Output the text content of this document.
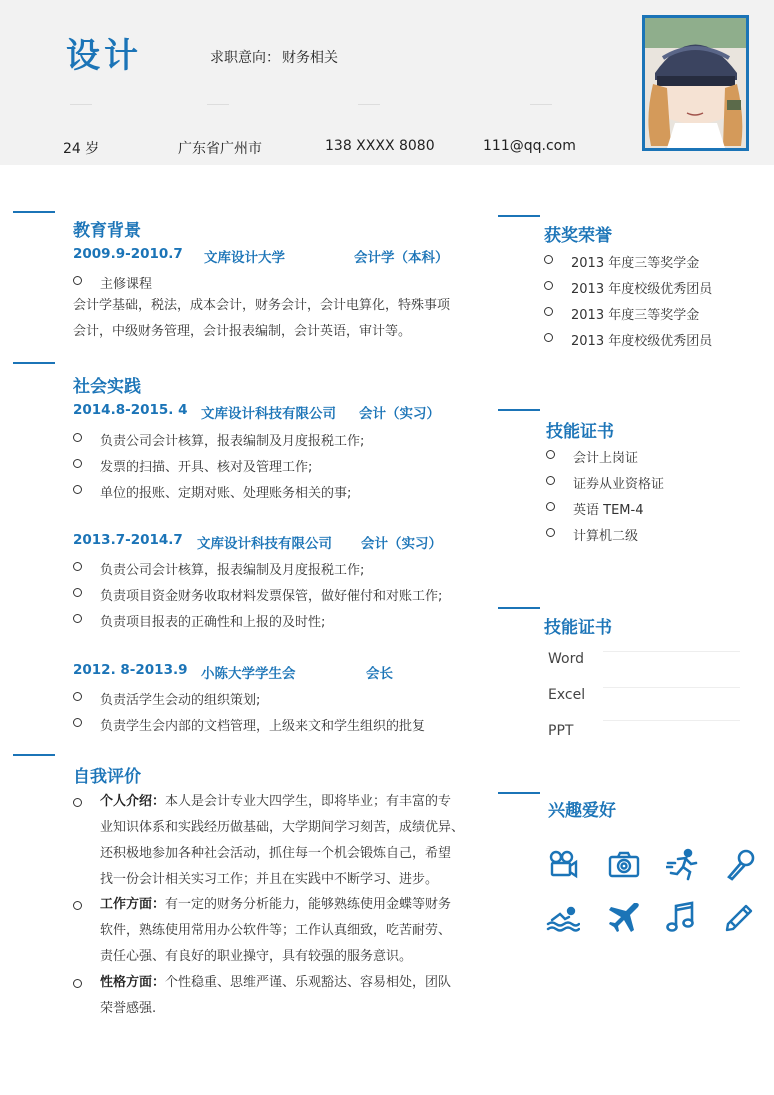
设计	求职意向： 财务相关
24 岁	广东省广州市	138 XXXX 8080	111@qq.com
教育背景
2009.9-2010.7 文库设计大学	会计学（本科）
主修课程
会计学基础，税法，成本会计，财务会计，会计电算化，特殊事项
会计，中级财务管理，会计报表编制，会计英语，审计等。
社会实践
2014.8-2015. 4 文库设计科技有限公司 会计（实习）
负责公司会计核算，报表编制及月度报税工作;
发票的扫描、开具、核对及管理工作;
单位的报账、定期对账、处理账务相关的事;
2013.7-2014.7 文库设计科技有限公司 会计（实习）
负责公司会计核算，报表编制及月度报税工作;
负责项目资金财务收取材料发票保管，做好催付和对账工作;
负责项目报表的正确性和上报的及时性;
2012. 8-2013.9 小陈大学学生会	会长
负责活学生会动的组织策划;
负责学生会内部的文档管理，上级来文和学生组织的批复
自我评价
个人介绍：本人是会计专业大四学生，即将毕业；有丰富的专
业知识体系和实践经历做基础，大学期间学习刻苦，成绩优异、
还积极地参加各种社会活动，抓住每一个机会锻炼自己，希望
找一份会计相关实习工作；并且在实践中不断学习、进步。
工作方面：有一定的财务分析能力，能够熟练使用金蝶等财务
软件，熟练使用常用办公软件等；工作认真细致，吃苦耐劳、
责任心强、有良好的职业操守，具有较强的服务意识。
性格方面：个性稳重、思维严谨、乐观豁达、容易相处，团队
荣誉感强.
获奖荣誉
2013 年度三等奖学金
2013 年度校级优秀团员
2013 年度三等奖学金
2013 年度校级优秀团员
技能证书
会计上岗证
证券从业资格证
英语 TEM-4
计算机二级
技能证书
Word
Excel
PPT
兴趣爱好
